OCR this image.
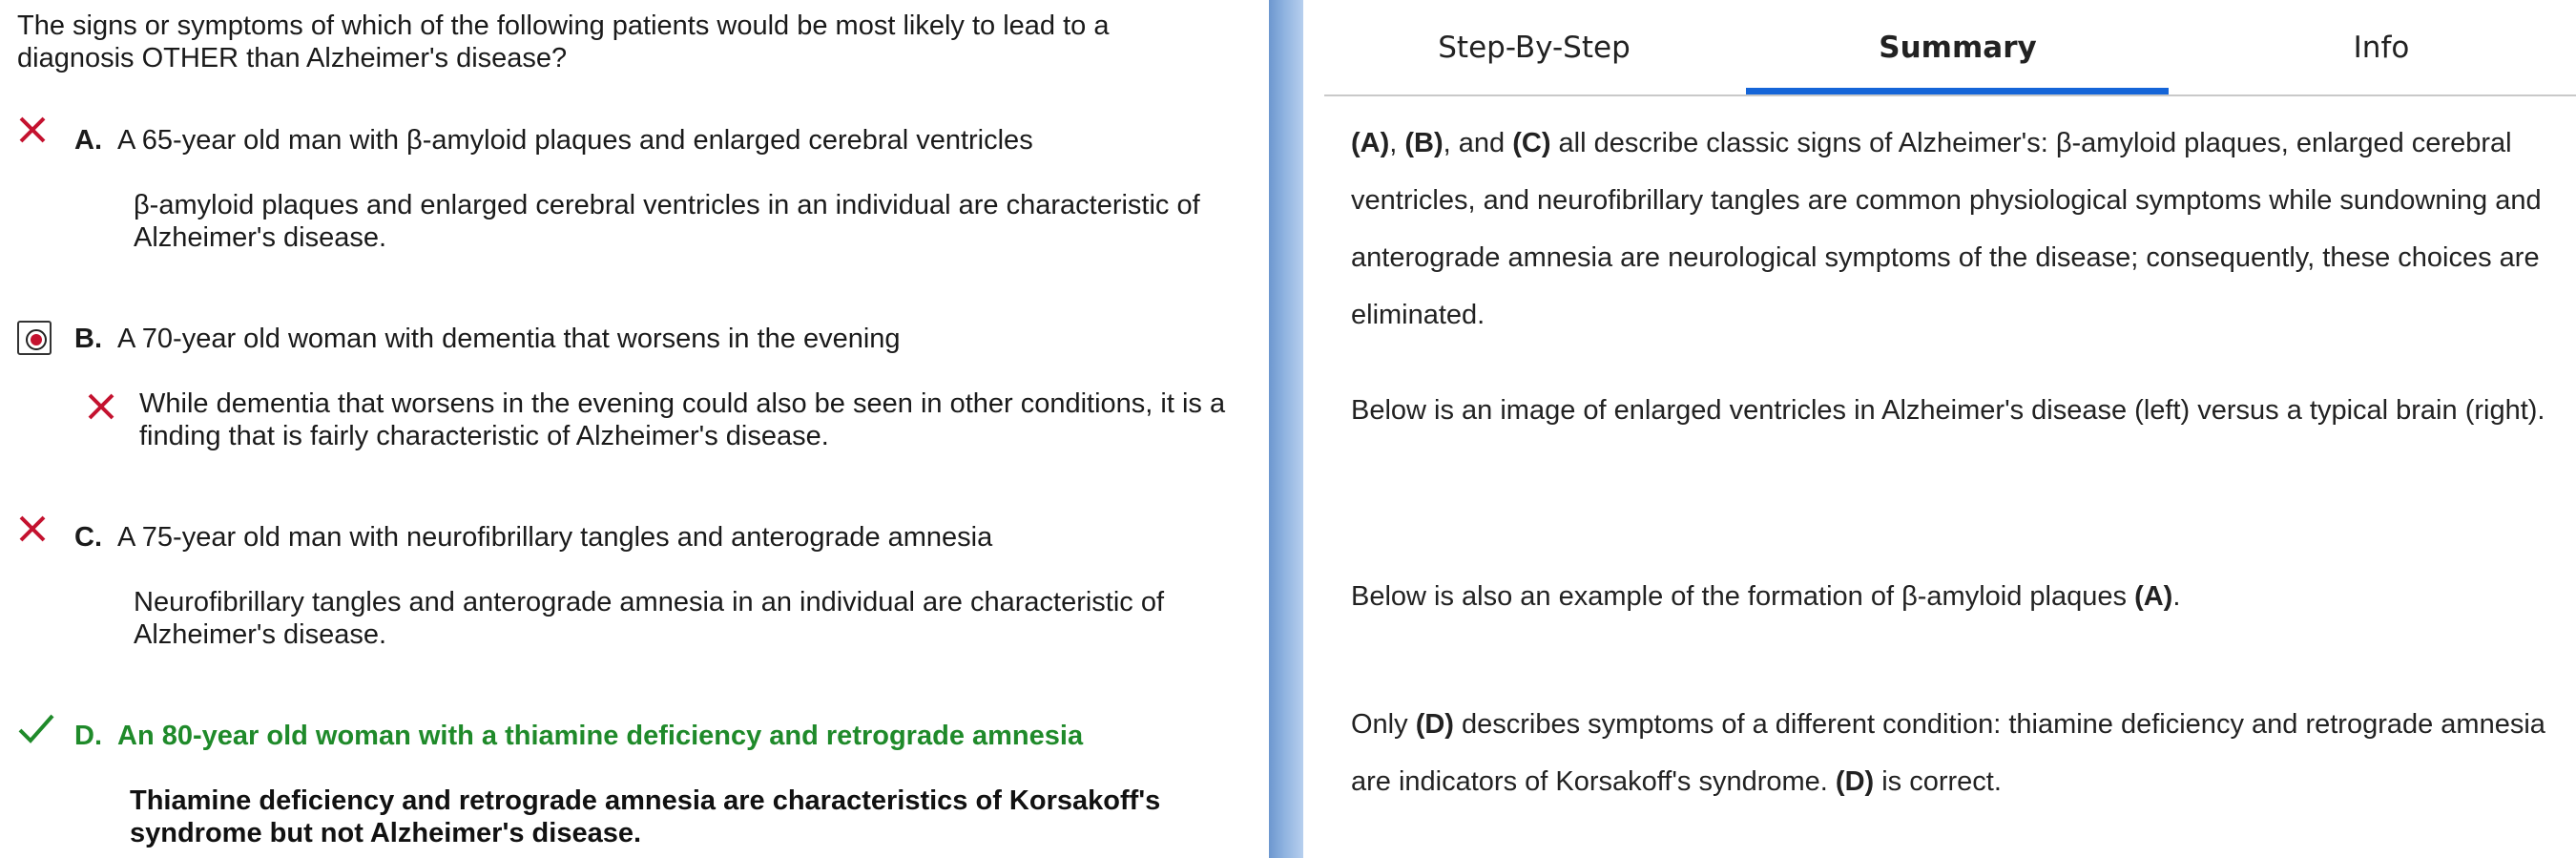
The signs or symptoms of which of the following patients would be most likely to lead to a diagnosis OTHER than Alzheimer's disease?
A. A 65-year old man with β-amyloid plaques and enlarged cerebral ventricles
β-amyloid plaques and enlarged cerebral ventricles in an individual are characteristic of Alzheimer's disease.
B. A 70-year old woman with dementia that worsens in the evening
While dementia that worsens in the evening could also be seen in other conditions, it is a finding that is fairly characteristic of Alzheimer's disease.
C. A 75-year old man with neurofibrillary tangles and anterograde amnesia
Neurofibrillary tangles and anterograde amnesia in an individual are characteristic of Alzheimer's disease.
D. An 80-year old woman with a thiamine deficiency and retrograde amnesia
Thiamine deficiency and retrograde amnesia are characteristics of Korsakoff's syndrome but not Alzheimer's disease.
Step-By-Step	Summary	Info
(A), (B), and (C) all describe classic signs of Alzheimer's: β-amyloid plaques, enlarged cerebral ventricles, and neurofibrillary tangles are common physiological symptoms while sundowning and anterograde amnesia are neurological symptoms of the disease; consequently, these choices are eliminated.
Below is an image of enlarged ventricles in Alzheimer's disease (left) versus a typical brain (right).
Below is also an example of the formation of β-amyloid plaques (A).
Only (D) describes symptoms of a different condition: thiamine deficiency and retrograde amnesia are indicators of Korsakoff's syndrome. (D) is correct.
